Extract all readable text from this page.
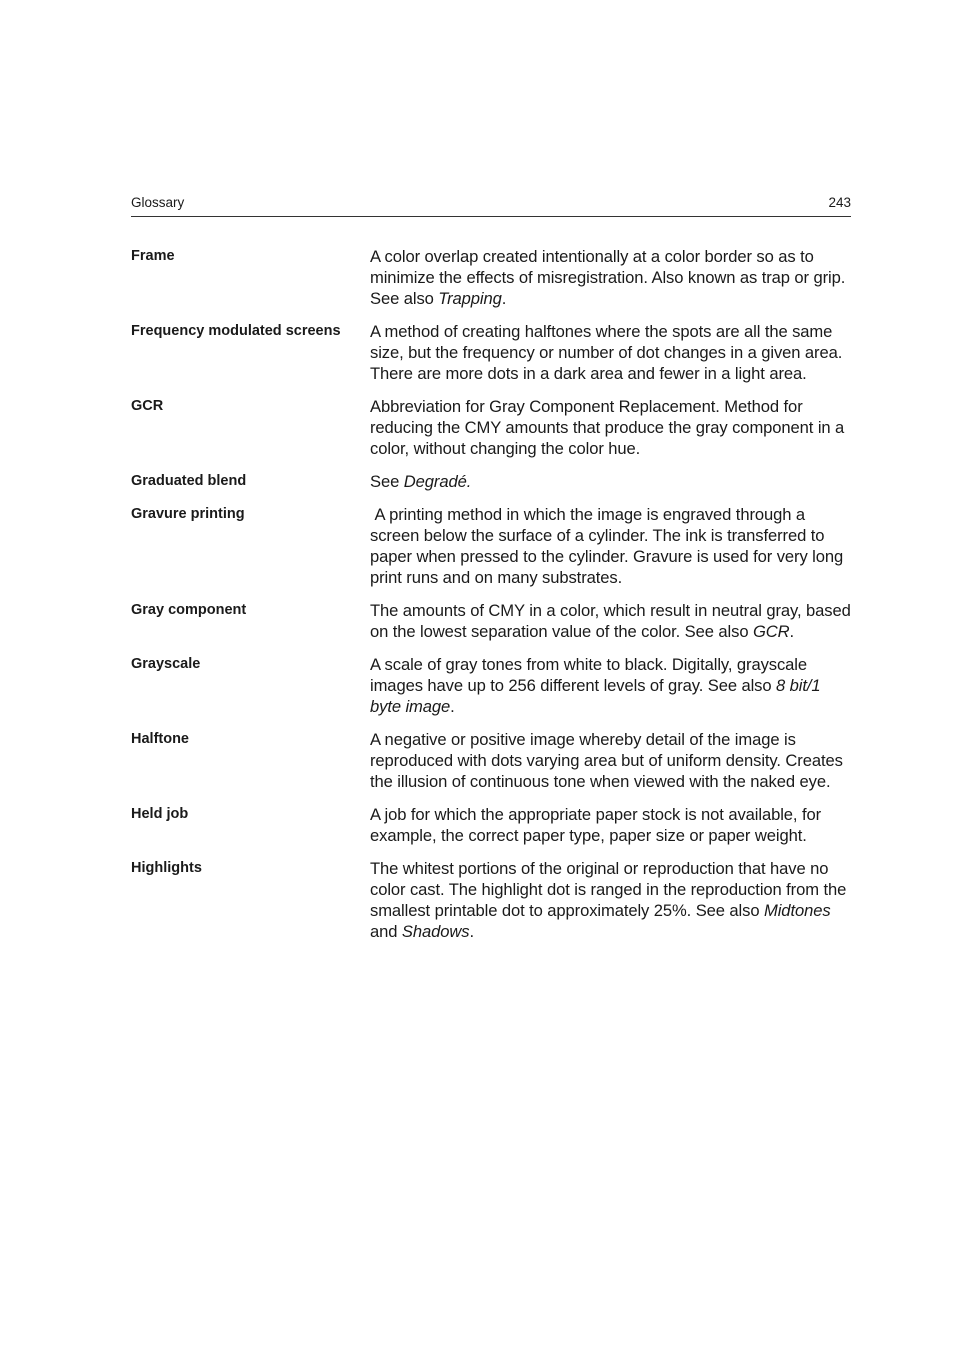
Glossary	243
Frame	A color overlap created intentionally at a color border so as to minimize the effects of misregistration. Also known as trap or grip. See also Trapping.
Frequency modulated screens	A method of creating halftones where the spots are all the same size, but the frequency or number of dot changes in a given area. There are more dots in a dark area and fewer in a light area.
GCR	Abbreviation for Gray Component Replacement. Method for reducing the CMY amounts that produce the gray component in a color, without changing the color hue.
Graduated blend	See Degradé.
Gravure printing	A printing method in which the image is engraved through a screen below the surface of a cylinder. The ink is transferred to paper when pressed to the cylinder. Gravure is used for very long print runs and on many substrates.
Gray component	The amounts of CMY in a color, which result in neutral gray, based on the lowest separation value of the color. See also GCR.
Grayscale	A scale of gray tones from white to black. Digitally, grayscale images have up to 256 different levels of gray. See also 8 bit/1 byte image.
Halftone	A negative or positive image whereby detail of the image is reproduced with dots varying area but of uniform density. Creates the illusion of continuous tone when viewed with the naked eye.
Held job	A job for which the appropriate paper stock is not available, for example, the correct paper type, paper size or paper weight.
Highlights	The whitest portions of the original or reproduction that have no color cast. The highlight dot is ranged in the reproduction from the smallest printable dot to approximately 25%. See also Midtones and Shadows.
